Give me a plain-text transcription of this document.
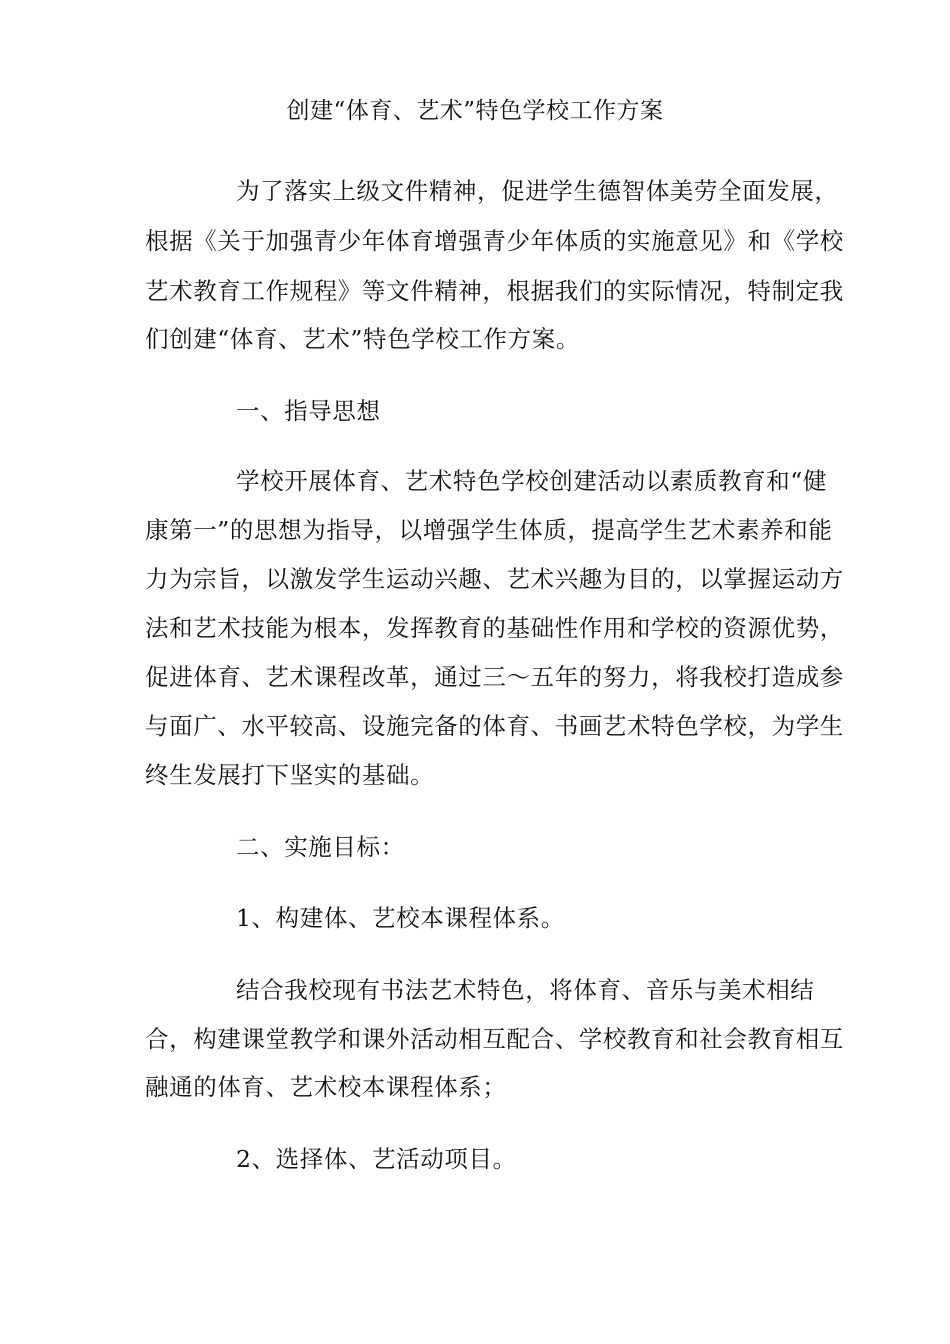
创建“体育、艺术”特色学校工作方案
为了落实上级文件精神，促进学生德智体美劳全面发展，
根据《关于加强青少年体育增强青少年体质的实施意见》和《学校
艺术教育工作规程》等文件精神，根据我们的实际情况，特制定我
们创建“体育、艺术”特色学校工作方案。
一、指导思想
学校开展体育、艺术特色学校创建活动以素质教育和“健
康第一”的思想为指导，以增强学生体质，提高学生艺术素养和能
力为宗旨，以激发学生运动兴趣、艺术兴趣为目的，以掌握运动方
法和艺术技能为根本，发挥教育的基础性作用和学校的资源优势，
促进体育、艺术课程改革，通过三～五年的努力，将我校打造成参
与面广、水平较高、设施完备的体育、书画艺术特色学校，为学生
终生发展打下坚实的基础。
二、实施目标：
1、构建体、艺校本课程体系。
结合我校现有书法艺术特色，将体育、音乐与美术相结
合，构建课堂教学和课外活动相互配合、学校教育和社会教育相互
融通的体育、艺术校本课程体系；
2、选择体、艺活动项目。
